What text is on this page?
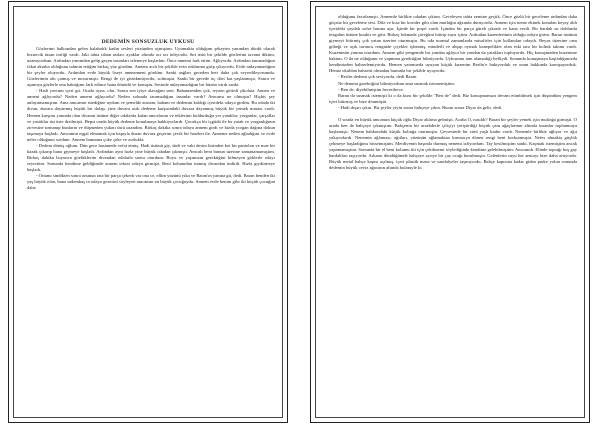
DEDEMİN SONSUZLUK UYKUSU

Gözlerimi balkondan gelen kalabalık kadın sesleri yüzünden açmıştım. Uyumakta olduğum şekeyim yanından dördü olarak hızırecik insan trafiği vardı. Jaki tahta taban asılacı ayaklar altında acı acı inliyordu. Sırt üstü bir şekilde gözlerimi tavana diktim, uzanıyordum. Ardından yanımdan gelip geçen insanları izlemeye başladım. Önce annemi fark ettim. Ağlıyordu. Ardından tanımadığım fakat akraba olduğunu tahmin ettiğim birkaç yüz gördüm. Annem acılı bir şekilde evin odalarına girip çıkıyordu. Evde anlayamadığım bir şeyler oluyordu. Ardından evde büyük liseyi anneanneni gördüm. Sanki aağları geceden beri daha çok seyredileyorumdu. Gözlerimin altı çatmış ve morarmıştı. Rengi de iyi gözükmüyordu, solmuştu. Sanki bir gecede üç dört kat yaşlanmıştı. Sonra ve aşamıya gözlerle ona baktığımı fark edince hana dönüdü ve konuştu. Sesinde anlayamadığım bir hüzün vardı sanki:

- Hadi yavrum içeri git. Orada oyna, olur. Sonra sen iyiye alacağım seni. Babannenden çok, teyzen getirdi çikolata. Annen ve anneni ağlıyordu? Neden annem ağlıyordu? Neden solunda taramadığım insanlar vardı? Amcamı ne olmuştu? Hiçbir şey anlayamamıştım. Ama amcamın istediğine uydum ve şemelde arınam, babam ve dedemin kaldığı içerideki odaya girdim. Bu odada iki divan, duvara dayanmış büyük bir dolap, yine duvara asılı dedeme karşısındaki duvara dayanmış büyük bir yemek masası vardı. Hemen karşımı yanında olan divanın üstüne diğer odalarda kalan amcalarını ve teklerimi kuldurduğu yer yataklar, yorganlar, çarşaflar ve yastıklar üst üste dizilmişti. Hepsi orada büyük dedeme konulmaya hakkiyorlardı. Çocukça bir içgüdü ile bu yatak ve yorganlığının zirvesine tırmanıp bunların ve düşmeden yukarı üstü uzandım. Birkaç dakika sonra odaya annem girdi ve bizda yorgan dağına dokun taşımaya başladı. Amcamın eşgal elmamak için kapıyla duran duvara geçerim çevik bir hareket ile. Anneme neden ağladığını ve evde neler olduğunu sordum. Annem bununna çoke çeke ve zorlukla:

- Dedem dönüş oğlum. Dün gece hastanede vefat etmiş. Hadi üstünü giy, dadi ve vaki derim birinden kot bir pantolon ve mae bir kazak çıkarıp bana giymeye başladı. Ardından ayni hızla yine büyük odadan çıkmıştı. Amcalı beni bunun üzerine zamanamamıştım. Birkaç dakika boyunca gözlüklerim divandan odalarla sonra oturdum. Boyu ve yaşımızın gerektiğini bilmeyen göklerle odayı seyrettim. Sonunda kendime geldiğimde annem tekrar odaya girmişti. Beni koluundan tutmuş divandan indirdi. Hızla giydirmeye başladı.

- Ortamı sindikten sonra onunun ona bir parça çekerk var ona ce, ellim yüzünü yıka ve Baran'ın yanına git, dedi. Baran benden iki yaş büyük olan, bana sadembaş ta odaya gezerini söyleyen amcamın en büyük çocuğuydu. Annem evde benim gibi iki küçük çocuğun daha

olduğunu fazırlamıştı. Annemle birlikte odadan çıktım. Geceleyen tahta zemine geçtik. Önce gözlü bir geceleme ardından daha güçsüz bir geceleme sesi. Dilz ve kısa bir korider gibi olan mutfağın ağzında duruyordu. Annem için neme ekmek konulan keyay aldı içerideki çaydalı sofra basına aşır. İçinde bir poşet vardı. İçinden bir parça gürek çıkardı ve bana verdi. Bir bardak su doldurdu tezgahın üstüne bıraktı ve gitti. Birkaç lokmada çöreğimi bitirip suyu içtim. Ardından kuzenlerimin olduğu odaya girim. Baran üstümü giymeyi bitirmiş çok yatan üzerine oturmuştu. Bu oda normal zamanlarda misafirler için kullanılan odaydı. Beyaz tüzerine cam göbeği ve açık turuncu renginde çiçekler işlenmiş, minderli ve ahşap oymalı kanepelikler olan eski tarz bir koltuk takımı vardı. Kuzenimin yanına oturdum. Annem gibi yengemde bir yandan ağlıyor bir yandan da yatakları topluyordu. Hiç konuşmadan kuzenime baktım. O da ne olduğunu ve yapmam gerektiğini bilmiyordu. Uykusunu tam alamadığı belliydi. Sonunda konuşmaya başladığımızda kendimizden bahsedemiyordu. Hemen yanımızda uyuyan küçük kuzenim Berfin'e bakıyorduk ve onun hakkında konuşuyorduk. Henüz okuldan bahsetti olmadan bununla bir şekilde uyuyordu.

- Berfin dedemi çok seviyordu, dedi Baran

Ne demem gerektiğini bilmiyordum ama susmak istememiştim.

- Ben de, diyebilmiştim hecerilerce.

Baran da susmak istemişti ki o da kuru bir şekilde "Ben de" dedi. Biz konuşmamıza devam ettmbilmek için düşündüm yengem içeri bitirmiş ve bize dönmüştü.

- Hadi dışarı çıkın. Bir şeyler yiyin sonra bahçeye çıkın. Buran sonra Diyar da gelir, dedi.

O sırada en büyük amcamın küçük oğlu Diyar aklıma gelmişti. Acaba O, nasıldı? Baran bir şeyler yemek için mutfağa girmişti. O arada ben de bahçeye çıkmıştım. Bahçenin bir arsakderle çiftçiyi yetiştirdiği büyük çam ağaçlarının altında insanlar toplanmaya başlamıştı. Nenem bahkondaki küçük koltuğa oturmuştu. Çevresinde bir sürü yaşlı kadın vardı. Nenemle birlikte ağlıyor ve ağıt yakıyorlardı. Nenemin ağlaması, ağıtları, yüzünün ağlamaktan kırmızıya dönen rengi beni korkutmuştu. Nefes almakta güçlük çekmeye başladığımı hissetmiştim. Merdivenin başında durmuş nenemi izliyordum. Tay kesilmiştim sanki. Kaçmak istemiştim ancak yapamamıştım. Sonunda bir el beni kolumu itti için çekilmemi söylediğinde kendime gelebilmiştim: Amcamdı. Elinde toprağı boş gay bardakları taşıyordu. Arkamı döndüğümde bahçeye ayrıye bir çay ocağı kurulmuştu. Gelenlerin suyu her amcayı bize daha artıyordu. Büyük metal bahçe kapısı açılmış, içeri plastik masa ve sandalyeler taşınıyordu. Bahçe kapısına kadar giden parke yolun sonunda dedemin büyük ceviz ağacının altında bulanıyle ki
